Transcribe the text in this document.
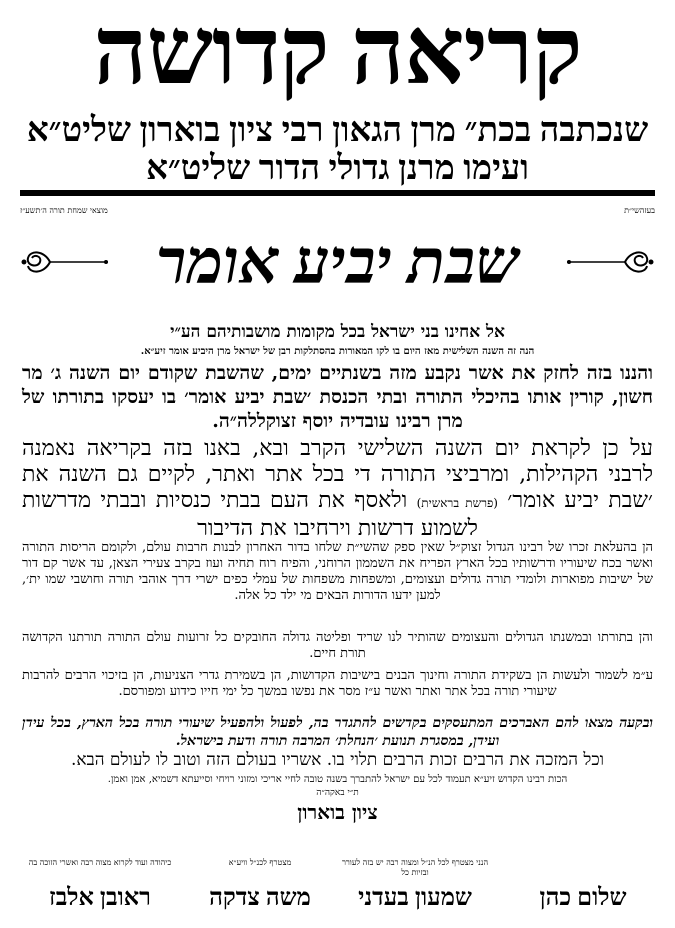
קריאה קדושה
שנכתבה בכת״ מרן הגאון רבי ציון בוארון שליט״א
ועימו מרנן גדולי הדור שליט״א
בעזהשי״ת
מוצאי שמחת תורה ה׳תשע״ז
שבת יביע אומר
אל אחינו בני ישראל בכל מקומות מושבותיהם הע״י
הנה זה השנה השלישית מאז היום בו לקו המאורות בהסתלקות רבן של ישראל מרן היביע אומר זיע״א.
והננו בזה לחזק את אשר נקבע מזה בשנתיים ימים, שהשבת שקודם יום השנה ג׳ מר חשון, קורין אותו בהיכלי התורה ובתי הכנסת ׳שבת יביע אומר׳ בו יעסקו בתורתו של מרן רבינו עובדיה יוסף זצוקללה״ה.
על כן לקראת יום השנה השלישי הקרב ובא, באנו בזה בקריאה נאמנה לרבני הקהילות, ומרביצי התורה די בכל אתר ואתר, לקיים גם השנה את ׳שבת יביע אומר׳ (פרשת בראשית) ולאסף את העם בבתי כנסיות ובבתי מדרשות לשמוע דרשות וירחיבו את הדיבור
הן בהעלאת זכרו של רבינו הגדול זצוק״ל שאין ספק שהשי״ת שלחו בדור האחרון לבנות חרבות עולם, ולקומם הריסות התורה ואשר בכח שיעוריו ודרשותיו בכל הארץ הפריח את השממון הרוחני, והפיח רוח תחיה ועוז בקרב צעירי הצאן, עד אשר קם דור של ישיבות מפוארות ולומדי תורה גדולים ועצומים, ומשפחות משפחות של עמלי כפים ישרי דרך אוהבי תורה וחושבי שמו ית׳, למען ידעו הדורות הבאים מי ילד כל אלה.
והן בתורתו ובמשנתו הגדולים והעצומים שהותיר לנו שריד ופליטה גדולה החובקים כל זרועות עולם התורה תורתנו הקדושה תורת חיים.
ע״מ לשמור ולעשות הן בשקידת התורה וחינוך הבנים בישיבות הקדושות, הן בשמירת גדרי הצניעות, הן בזיכוי הרבים להרבות שיעורי תורה בכל אתר ואתר ואשר ע״ז מסר את נפשו במשך כל ימי חייו כידוע ומפורסם.
ובקעה מצאו להם האברכים המתעסקים בקדשים להתגדר בה, לפעול ולהפעיל שיעורי תורה בכל הארץ, בכל עידן ועידן, במסגרת תנועת ׳הנחלת׳ המרבה תורה ודעת בישראל.
וכל המזכה את הרבים זכות הרבים תלוי בו. אשריו בעולם הזה וטוב לו לעולם הבא.
הכות רבינו הקדוש זיע״א תעמוד לכל עם ישראל להתברך בשנה טובה לחיי אריכי ומזוני רויחי וסייעתא דשמיא, אמן ואמן.
ת״י באקה״ה
ציון בוארון
שלום כהן
הנני מצטרף לכל הנ״ל ומצוה רבה יש בזה לעורר ובזיות כל
שמעון בעדני
מצטרף לכנ״ל וויע״א
משה צדקה
כיהודה ועוד לקרוא מצוה רבה ואשרי הזוכה בה
ראובן אלבז
